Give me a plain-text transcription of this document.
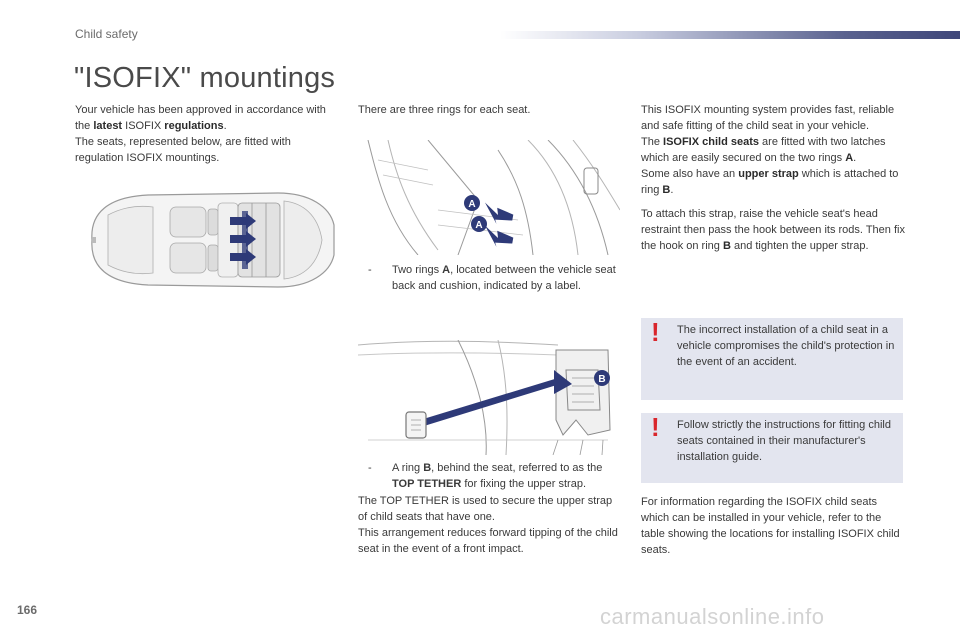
Child safety
"ISOFIX" mountings

Your vehicle has been approved in accordance with the latest ISOFIX regulations.

The seats, represented below, are fitted with regulation ISOFIX mountings.

There are three rings for each seat.

A
A
- Two rings A, located between the vehicle seat back and cushion, indicated by a label.
B
- A ring B, behind the seat, referred to as the TOP TETHER for fixing the upper strap.

The TOP TETHER is used to secure the upper strap of child seats that have one.

This arrangement reduces forward tipping of the child seat in the event of a front impact.

This ISOFIX mounting system provides fast, reliable and safe fitting of the child seat in your vehicle.

The ISOFIX child seats are fitted with two latches which are easily secured on the two rings A.

Some also have an upper strap which is attached to ring B.

To attach this strap, raise the vehicle seat's head restraint then pass the hook between its rods. Then fix the hook on ring B and tighten the upper strap.

! The incorrect installation of a child seat in a vehicle compromises the child's protection in the event of an accident.
! Follow strictly the instructions for fitting child seats contained in their manufacturer's installation guide.

For information regarding the ISOFIX child seats which can be installed in your vehicle, refer to the table showing the locations for installing ISOFIX child seats.

166	carmanualsonline.info
